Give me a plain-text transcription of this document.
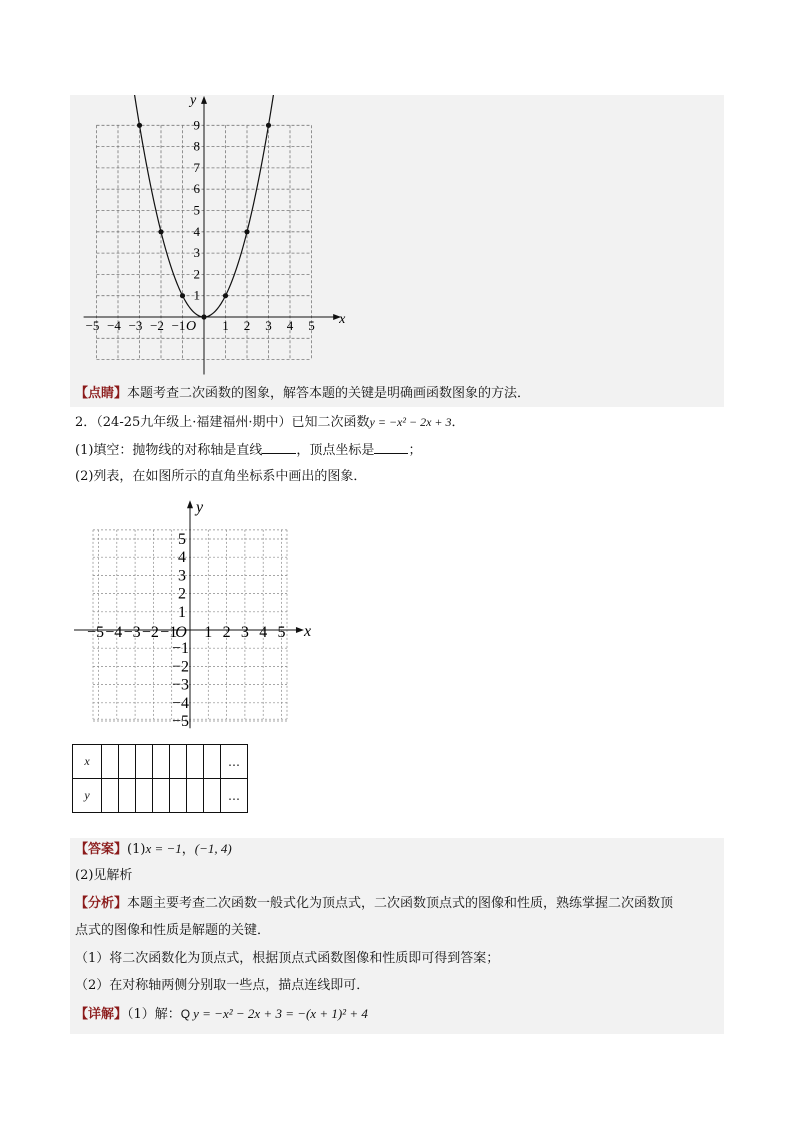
−5 −4 −3 −2 −1	1 2 3 4 5
1
2
3
4
5
6
7
8
9
O	x
y
【点睛】本题考查二次函数的图象，解答本题的关键是明确画函数图象的方法．
2．（24-25九年级上·福建福州·期中）已知二次函数y = −x² − 2x + 3．
(1)填空：抛物线的对称轴是直线	，顶点坐标是	；
(2)列表，在如图所示的直角坐标系中画出的图象．
−5 −4 −3 −2 −1 1 2 3 4 5
1
2
3
4
5
−1
−2
−3
−4
−5
O	x
y
x								…
y								…
【答案】(1)x = −1，(−1, 4)
(2)见解析
【分析】本题主要考查二次函数一般式化为顶点式，二次函数顶点式的图像和性质，熟练掌握二次函数顶
点式的图像和性质是解题的关键．
（1）将二次函数化为顶点式，根据顶点式函数图像和性质即可得到答案；
（2）在对称轴两侧分别取一些点，描点连线即可．
【详解】（1）解：Q y = −x² − 2x + 3 = −(x + 1)² + 4
